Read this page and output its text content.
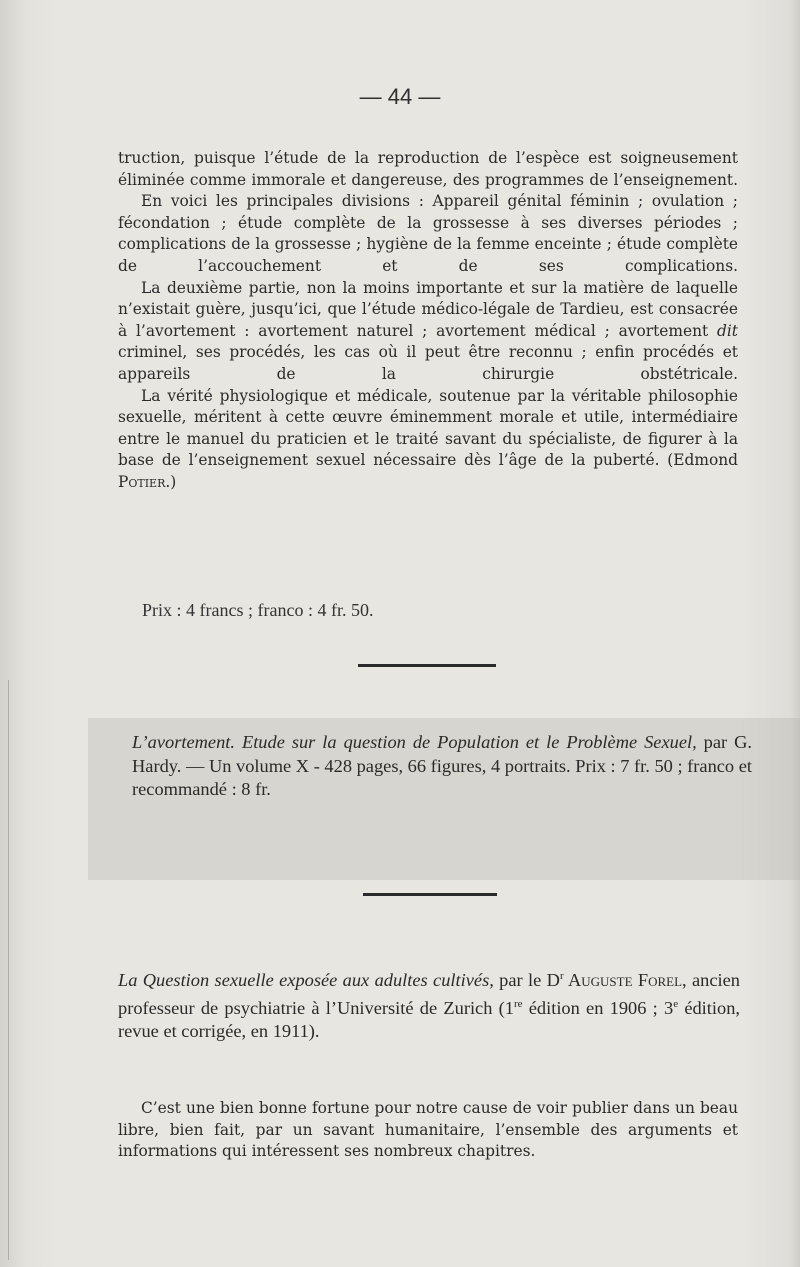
— 44 —

truction, puisque l’étude de la reproduction de l’espèce est soigneusement éliminée comme immorale et dangereuse, des programmes de l’enseignement.

En voici les principales divisions : Appareil génital féminin ; ovulation ; fécondation ; étude complète de la grossesse à ses diverses périodes ; complications de la grossesse ; hygiène de la femme enceinte ; étude complète de l’accouchement et de ses complications.

La deuxième partie, non la moins importante et sur la matière de laquelle n’existait guère, jusqu’ici, que l’étude médico-légale de Tardieu, est consacrée à l’avortement : avortement naturel ; avortement médical ; avortement dit criminel, ses procédés, les cas où il peut être reconnu ; enfin procédés et appareils de la chirurgie obstétricale.

La vérité physiologique et médicale, soutenue par la véritable philosophie sexuelle, méritent à cette œuvre éminemment morale et utile, intermédiaire entre le manuel du praticien et le traité savant du spécialiste, de figurer à la base de l’enseignement sexuel nécessaire dès l’âge de la puberté. (Edmond Potier.)

Prix : 4 francs ; franco : 4 fr. 50.
L’avortement. Etude sur la question de Population et le Problème Sexuel, par G. Hardy. — Un volume X - 428 pages, 66 figures, 4 portraits. Prix : 7 fr. 50 ; franco et recommandé : 8 fr.
La Question sexuelle exposée aux adultes cultivés, par le $D^r$ Auguste Forel, ancien professeur de psychiatrie à l’Université de Zurich (1re édition en 1906 ; 3e édition, revue et corrigée, en 1911).

C’est une bien bonne fortune pour notre cause de voir publier dans un beau libre, bien fait, par un savant humanitaire, l’ensemble des arguments et informations qui intéressent ses nombreux chapitres.
